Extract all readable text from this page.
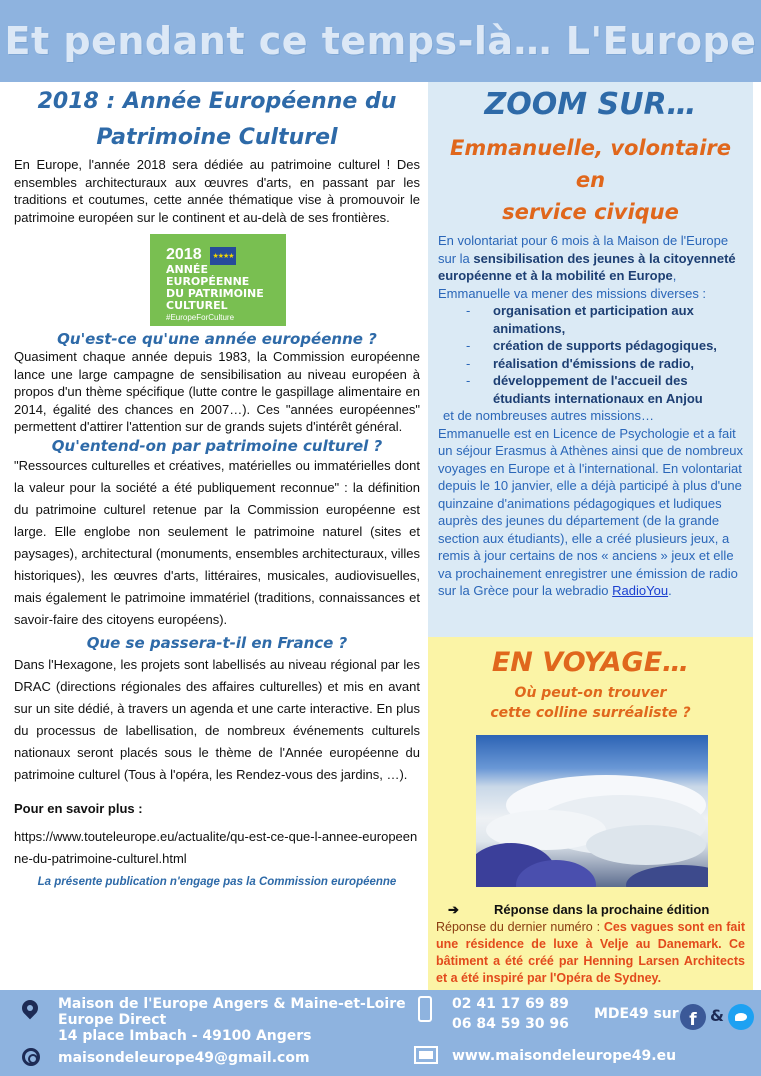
Et pendant ce temps-là… L'Europe
2018 : Année Européenne du
Patrimoine Culturel

En Europe, l'année 2018 sera dédiée au patrimoine culturel ! Des ensembles architecturaux aux œuvres d'arts, en passant par les traditions et coutumes, cette année thématique vise à promouvoir le patrimoine européen sur le continent et au-delà de ses frontières.

★★★★
2018
ANNÉE EUROPÉENNE
DU PATRIMOINE
CULTUREL
#EuropeForCulture
Qu'est-ce qu'une année européenne ?

Quasiment chaque année depuis 1983, la Commission européenne lance une large campagne de sensibilisation au niveau européen à propos d'un thème spécifique (lutte contre le gaspillage alimentaire en 2014, égalité des chances en 2007…). Ces "années européennes" permettent d'attirer l'attention sur de grands sujets d'intérêt général.

Qu'entend-on par patrimoine culturel ?

"Ressources culturelles et créatives, matérielles ou immatérielles dont la valeur pour la société a été publiquement reconnue" : la définition du patrimoine culturel retenue par la Commission européenne est large. Elle englobe non seulement le patrimoine naturel (sites et paysages), architectural (monuments, ensembles architecturaux, villes historiques), les œuvres d'arts, littéraires, musicales, audiovisuelles, mais également le patrimoine immatériel (traditions, connaissances et savoir-faire des citoyens européens).

Que se passera-t-il en France ?

Dans l'Hexagone, les projets sont labellisés au niveau régional par les DRAC (directions régionales des affaires culturelles) et mis en avant sur un site dédié, à travers un agenda et une carte interactive. En plus du processus de labellisation, de nombreux événements culturels nationaux seront placés sous le thème de l'Année européenne du patrimoine culturel (Tous à l'opéra, les Rendez-vous des jardins, …).

Pour en savoir plus :

https://www.touteleurope.eu/actualite/qu-est-ce-que-l-annee-europeenne-du-patrimoine-culturel.html

La présente publication n'engage pas la Commission européenne

ZOOM SUR…
Emmanuelle, volontaire en
service civique

En volontariat pour 6 mois à la Maison de l'Europe sur la sensibilisation des jeunes à la citoyenneté européenne et à la mobilité en Europe, Emmanuelle va mener des missions diverses :

- organisation et participation aux animations,
- création de supports pédagogiques,
- réalisation d'émissions de radio,
- développement de l'accueil des étudiants internationaux en Anjou

et de nombreuses autres missions…

Emmanuelle est en Licence de Psychologie et a fait un séjour Erasmus à Athènes ainsi que de nombreux voyages en Europe et à l'international. En volontariat depuis le 10 janvier, elle a déjà participé à plus d'une quinzaine d'animations pédagogiques et ludiques auprès des jeunes du département (de la grande section aux étudiants), elle a créé plusieurs jeux, a remis à jour certains de nos « anciens » jeux et elle va prochainement enregistrer une émission de radio sur la Grèce pour la webradio RadioYou.

EN VOYAGE…
Où peut-on trouver
cette colline surréaliste ?
➔	Réponse dans la prochaine édition

Réponse du dernier numéro : Ces vagues sont en fait une résidence de luxe à Velje au Danemark. Ce bâtiment a été créé par Henning Larsen Architects et a été inspiré par l'Opéra de Sydney.

Maison de l'Europe Angers & Maine-et-Loire
Europe Direct
14 place Imbach - 49100 Angers
maisondeleurope49@gmail.com
02 41 17 69 89
06 84 59 30 96
MDE49 sur f &
www.maisondeleurope49.eu
